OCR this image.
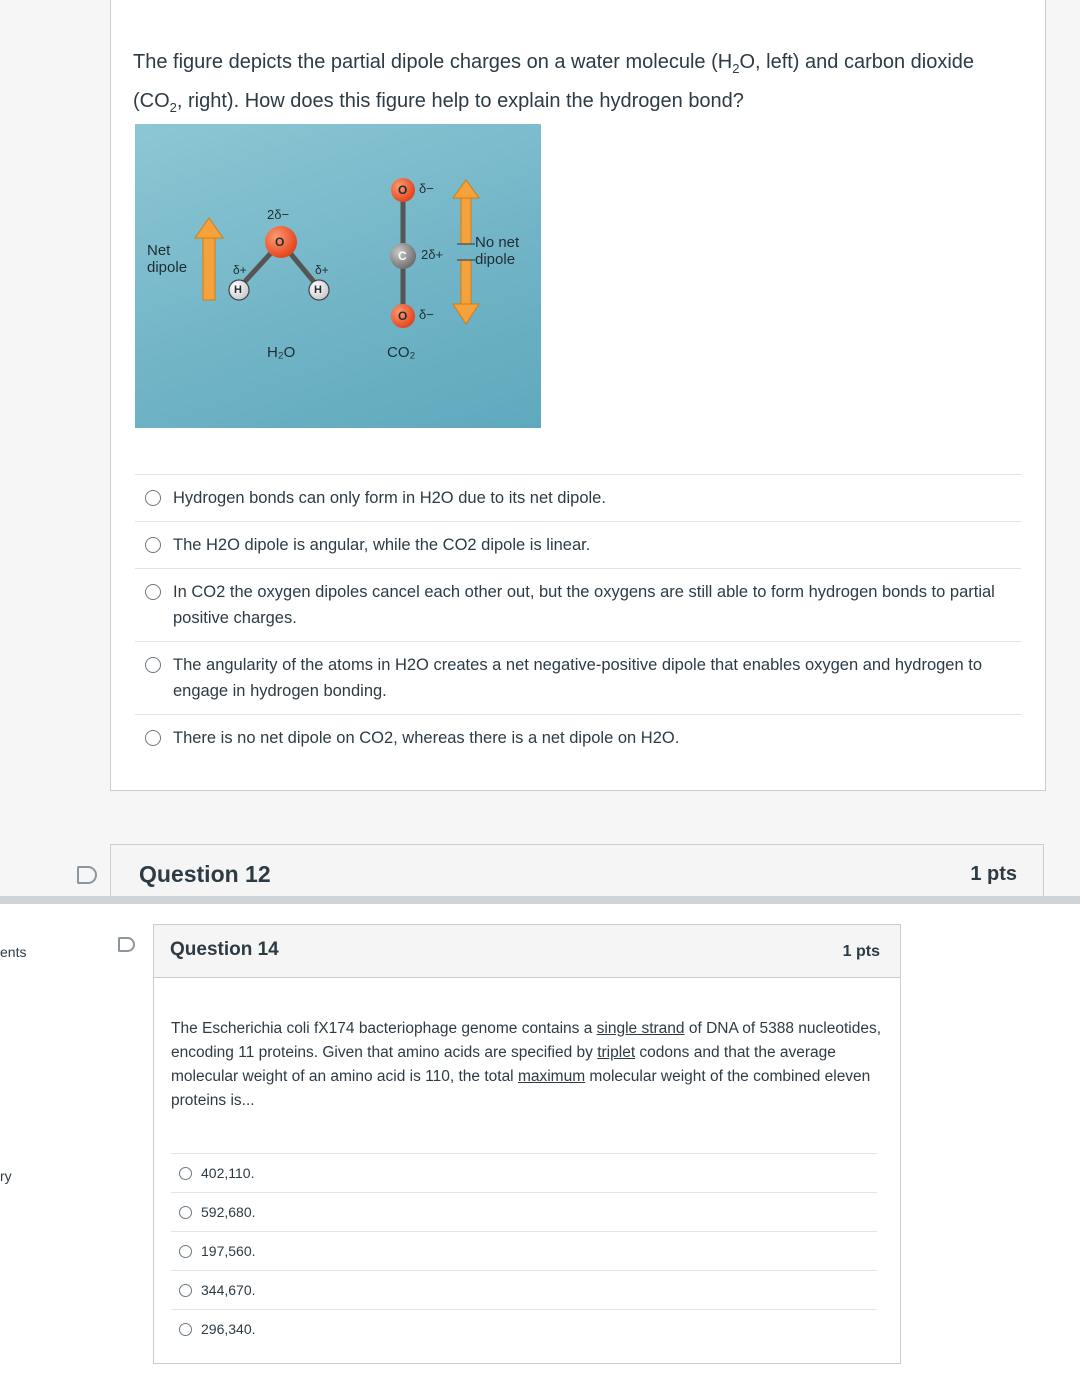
The figure depicts the partial dipole charges on a water molecule ($H_2O$, left) and carbon dioxide
($CO_2$, right). How does this figure help to explain the hydrogen bond?

Net
dipole
2δ−
O
δ+	δ+
H	H
H₂O
O δ−
C 2δ+
O δ−
CO₂
No net
dipole
Hydrogen bonds can only form in H2O due to its net dipole.
The H2O dipole is angular, while the CO2 dipole is linear.
In CO2 the oxygen dipoles cancel each other out, but the oxygens are still able to form hydrogen bonds to partial positive charges.
The angularity of the atoms in H2O creates a net negative-positive dipole that enables oxygen and hydrogen to engage in hydrogen bonding.
There is no net dipole on CO2, whereas there is a net dipole on H2O.
Question 12	1 pts
ents
ry
Question 14	1 pts

The Escherichia coli fX174 bacteriophage genome contains a single strand of DNA of 5388 nucleotides, encoding 11 proteins. Given that amino acids are specified by triplet codons and that the average molecular weight of an amino acid is 110, the total maximum molecular weight of the combined eleven proteins is...

402,110.
592,680.
197,560.
344,670.
296,340.
